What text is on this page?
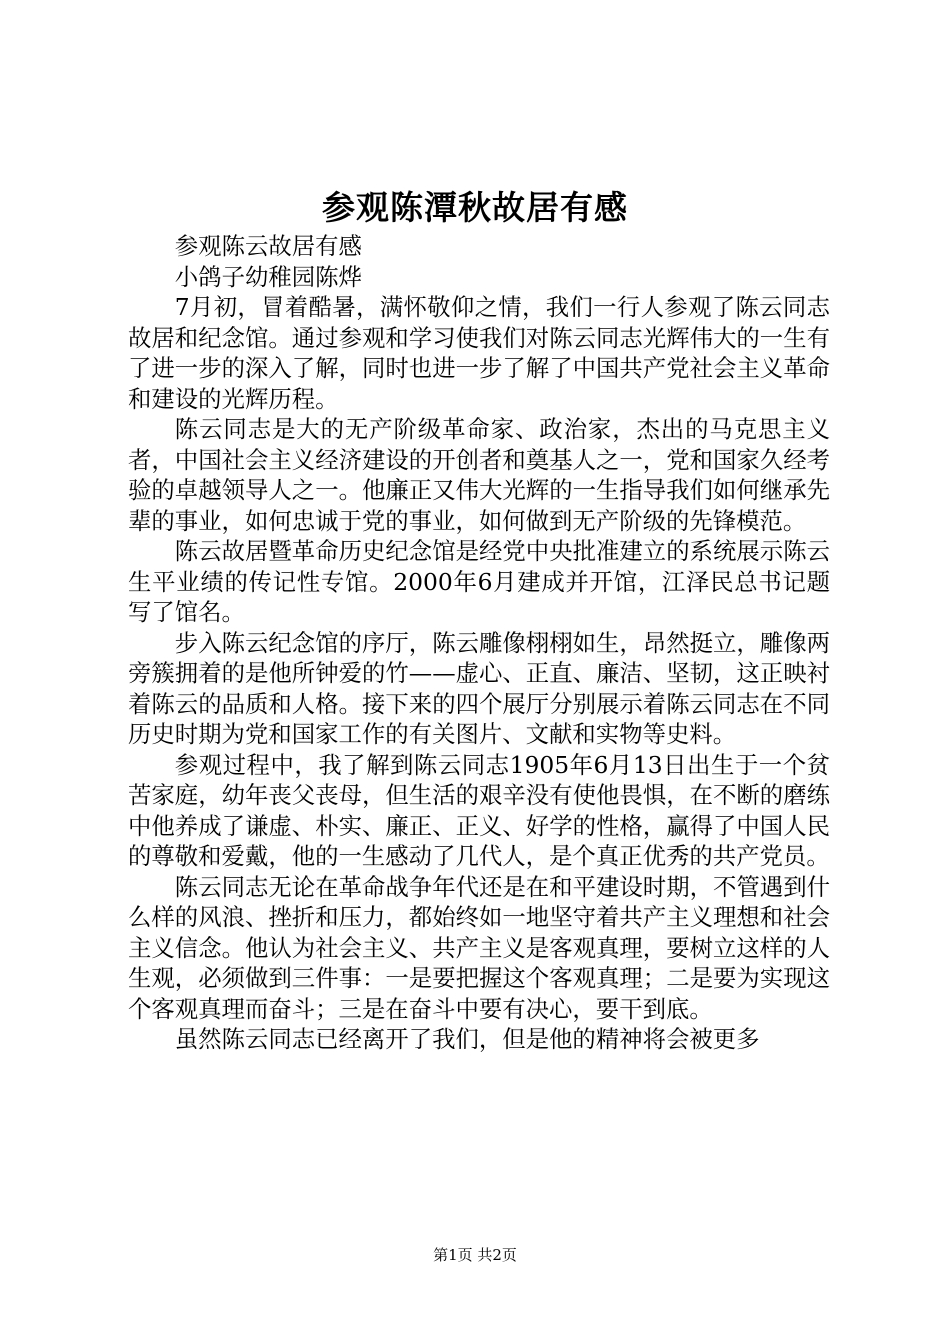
参观陈潭秋故居有感

参观陈云故居有感

小鸽子幼稚园陈烨

7月初，冒着酷暑，满怀敬仰之情，我们一行人参观了陈云同志故居和纪念馆。通过参观和学习使我们对陈云同志光辉伟大的一生有了进一步的深入了解，同时也进一步了解了中国共产党社会主义革命和建设的光辉历程。

陈云同志是大的无产阶级革命家、政治家，杰出的马克思主义者，中国社会主义经济建设的开创者和奠基人之一，党和国家久经考验的卓越领导人之一。他廉正又伟大光辉的一生指导我们如何继承先辈的事业，如何忠诚于党的事业，如何做到无产阶级的先锋模范。

陈云故居暨革命历史纪念馆是经党中央批准建立的系统展示陈云生平业绩的传记性专馆。2000年6月建成并开馆，江泽民总书记题写了馆名。

步入陈云纪念馆的序厅，陈云雕像栩栩如生，昂然挺立，雕像两旁簇拥着的是他所钟爱的竹——虚心、正直、廉洁、坚韧，这正映衬着陈云的品质和人格。接下来的四个展厅分别展示着陈云同志在不同历史时期为党和国家工作的有关图片、文献和实物等史料。

参观过程中，我了解到陈云同志1905年6月13日出生于一个贫苦家庭，幼年丧父丧母，但生活的艰辛没有使他畏惧，在不断的磨练中他养成了谦虚、朴实、廉正、正义、好学的性格，赢得了中国人民的尊敬和爱戴，他的一生感动了几代人，是个真正优秀的共产党员。

陈云同志无论在革命战争年代还是在和平建设时期，不管遇到什么样的风浪、挫折和压力，都始终如一地坚守着共产主义理想和社会主义信念。他认为社会主义、共产主义是客观真理，要树立这样的人生观，必须做到三件事：一是要把握这个客观真理；二是要为实现这个客观真理而奋斗；三是在奋斗中要有决心，要干到底。

虽然陈云同志已经离开了我们，但是他的精神将会被更多

第1页 共2页
